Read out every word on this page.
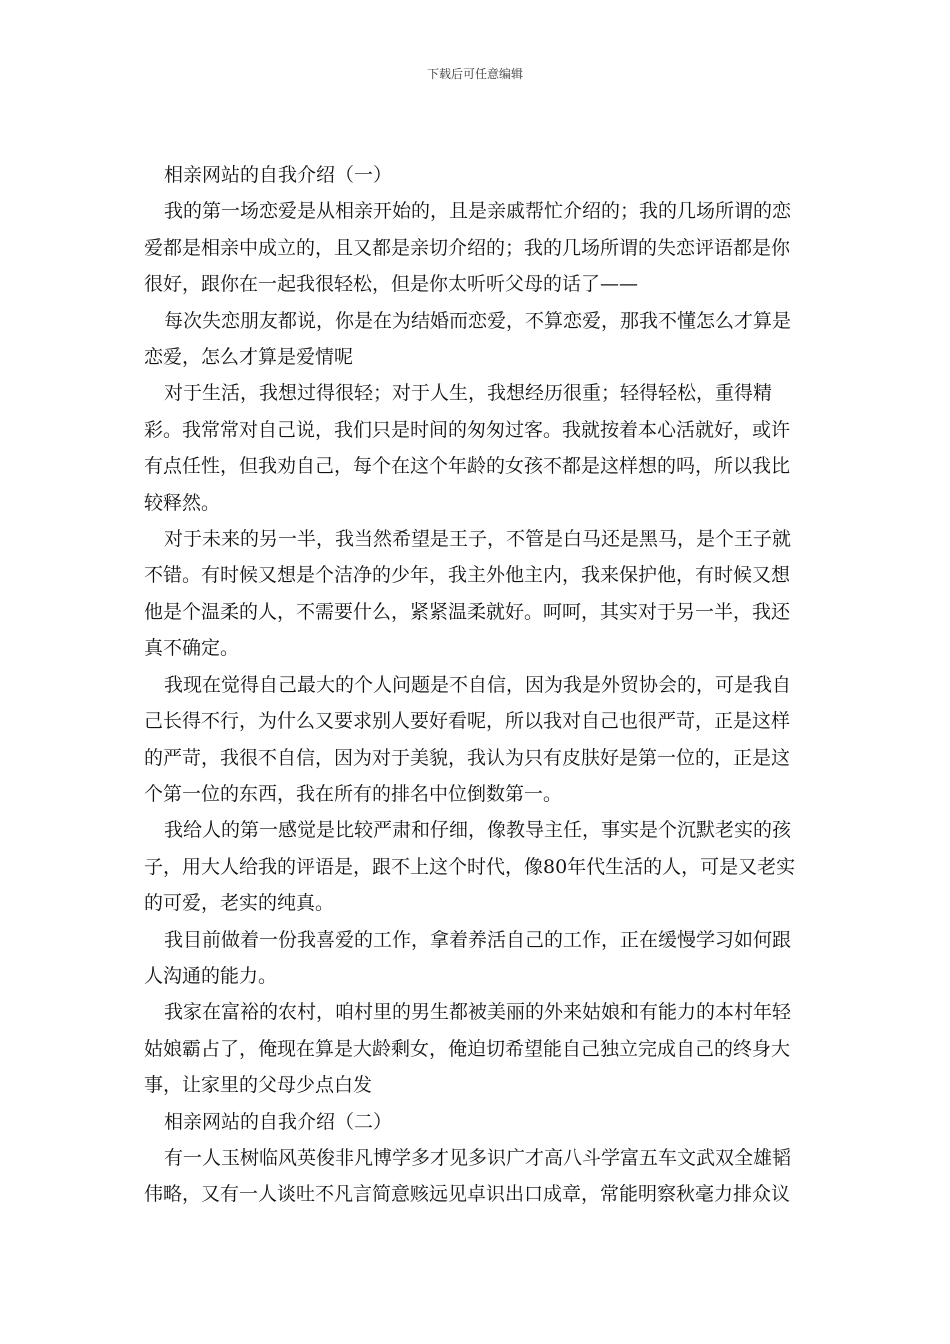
下载后可任意编辑

相亲网站的自我介绍（一）

我的第一场恋爱是从相亲开始的，且是亲戚帮忙介绍的；我的几场所谓的恋爱都是相亲中成立的，且又都是亲切介绍的；我的几场所谓的失恋评语都是你很好，跟你在一起我很轻松，但是你太听听父母的话了——

每次失恋朋友都说，你是在为结婚而恋爱，不算恋爱，那我不懂怎么才算是恋爱，怎么才算是爱情呢

对于生活，我想过得很轻；对于人生，我想经历很重；轻得轻松，重得精彩。我常常对自己说，我们只是时间的匆匆过客。我就按着本心活就好，或许有点任性，但我劝自己，每个在这个年龄的女孩不都是这样想的吗，所以我比较释然。

对于未来的另一半，我当然希望是王子，不管是白马还是黑马，是个王子就不错。有时候又想是个洁净的少年，我主外他主内，我来保护他，有时候又想他是个温柔的人，不需要什么，紧紧温柔就好。呵呵，其实对于另一半，我还真不确定。

我现在觉得自己最大的个人问题是不自信，因为我是外贸协会的，可是我自己长得不行，为什么又要求别人要好看呢，所以我对自己也很严苛，正是这样的严苛，我很不自信，因为对于美貌，我认为只有皮肤好是第一位的，正是这个第一位的东西，我在所有的排名中位倒数第一。

我给人的第一感觉是比较严肃和仔细，像教导主任，事实是个沉默老实的孩子，用大人给我的评语是，跟不上这个时代，像80年代生活的人，可是又老实的可爱，老实的纯真。

我目前做着一份我喜爱的工作，拿着养活自己的工作，正在缓慢学习如何跟人沟通的能力。

我家在富裕的农村，咱村里的男生都被美丽的外来姑娘和有能力的本村年轻姑娘霸占了，俺现在算是大龄剩女，俺迫切希望能自己独立完成自己的终身大事，让家里的父母少点白发

相亲网站的自我介绍（二）

有一人玉树临风英俊非凡博学多才见多识广才高八斗学富五车文武双全雄韬伟略，又有一人谈吐不凡言简意赅远见卓识出口成章，常能明察秋毫力排众议
